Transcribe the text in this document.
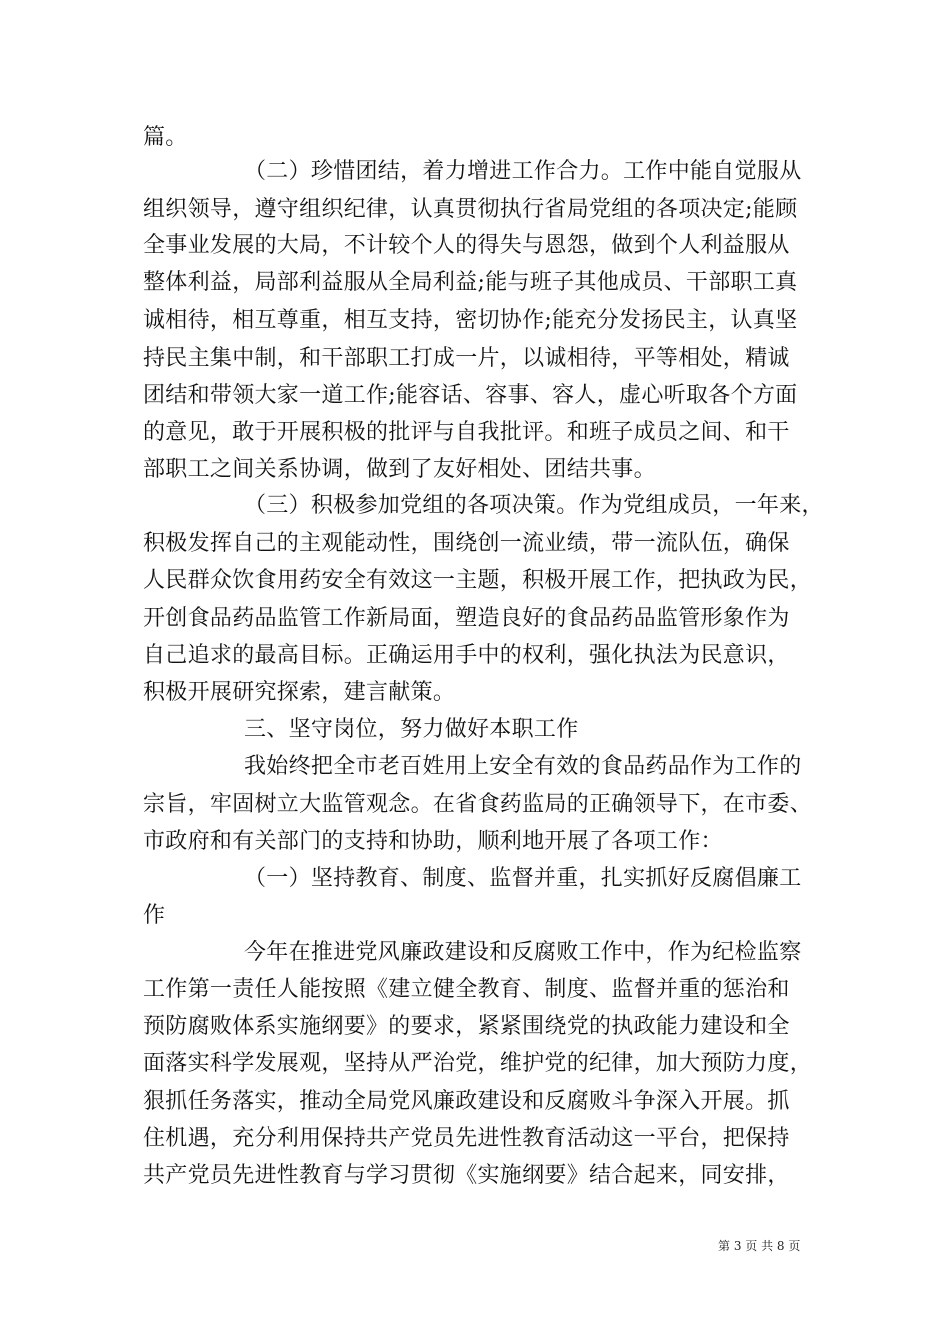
篇。
（二）珍惜团结，着力增进工作合力。工作中能自觉服从
组织领导，遵守组织纪律，认真贯彻执行省局党组的各项决定;能顾
全事业发展的大局，不计较个人的得失与恩怨，做到个人利益服从
整体利益，局部利益服从全局利益;能与班子其他成员、干部职工真
诚相待，相互尊重，相互支持，密切协作;能充分发扬民主，认真坚
持民主集中制，和干部职工打成一片，以诚相待，平等相处，精诚
团结和带领大家一道工作;能容话、容事、容人，虚心听取各个方面
的意见，敢于开展积极的批评与自我批评。和班子成员之间、和干
部职工之间关系协调，做到了友好相处、团结共事。
（三）积极参加党组的各项决策。作为党组成员，一年来，
积极发挥自己的主观能动性，围绕创一流业绩，带一流队伍，确保
人民群众饮食用药安全有效这一主题，积极开展工作，把执政为民，
开创食品药品监管工作新局面，塑造良好的食品药品监管形象作为
自己追求的最高目标。正确运用手中的权利，强化执法为民意识，
积极开展研究探索，建言献策。
三、坚守岗位，努力做好本职工作
我始终把全市老百姓用上安全有效的食品药品作为工作的
宗旨，牢固树立大监管观念。在省食药监局的正确领导下，在市委、
市政府和有关部门的支持和协助，顺利地开展了各项工作：
（一）坚持教育、制度、监督并重，扎实抓好反腐倡廉工
作
今年在推进党风廉政建设和反腐败工作中，作为纪检监察
工作第一责任人能按照《建立健全教育、制度、监督并重的惩治和
预防腐败体系实施纲要》的要求，紧紧围绕党的执政能力建设和全
面落实科学发展观，坚持从严治党，维护党的纪律，加大预防力度，
狠抓任务落实，推动全局党风廉政建设和反腐败斗争深入开展。抓
住机遇，充分利用保持共产党员先进性教育活动这一平台，把保持
共产党员先进性教育与学习贯彻《实施纲要》结合起来，同安排，
第 3 页 共 8 页
